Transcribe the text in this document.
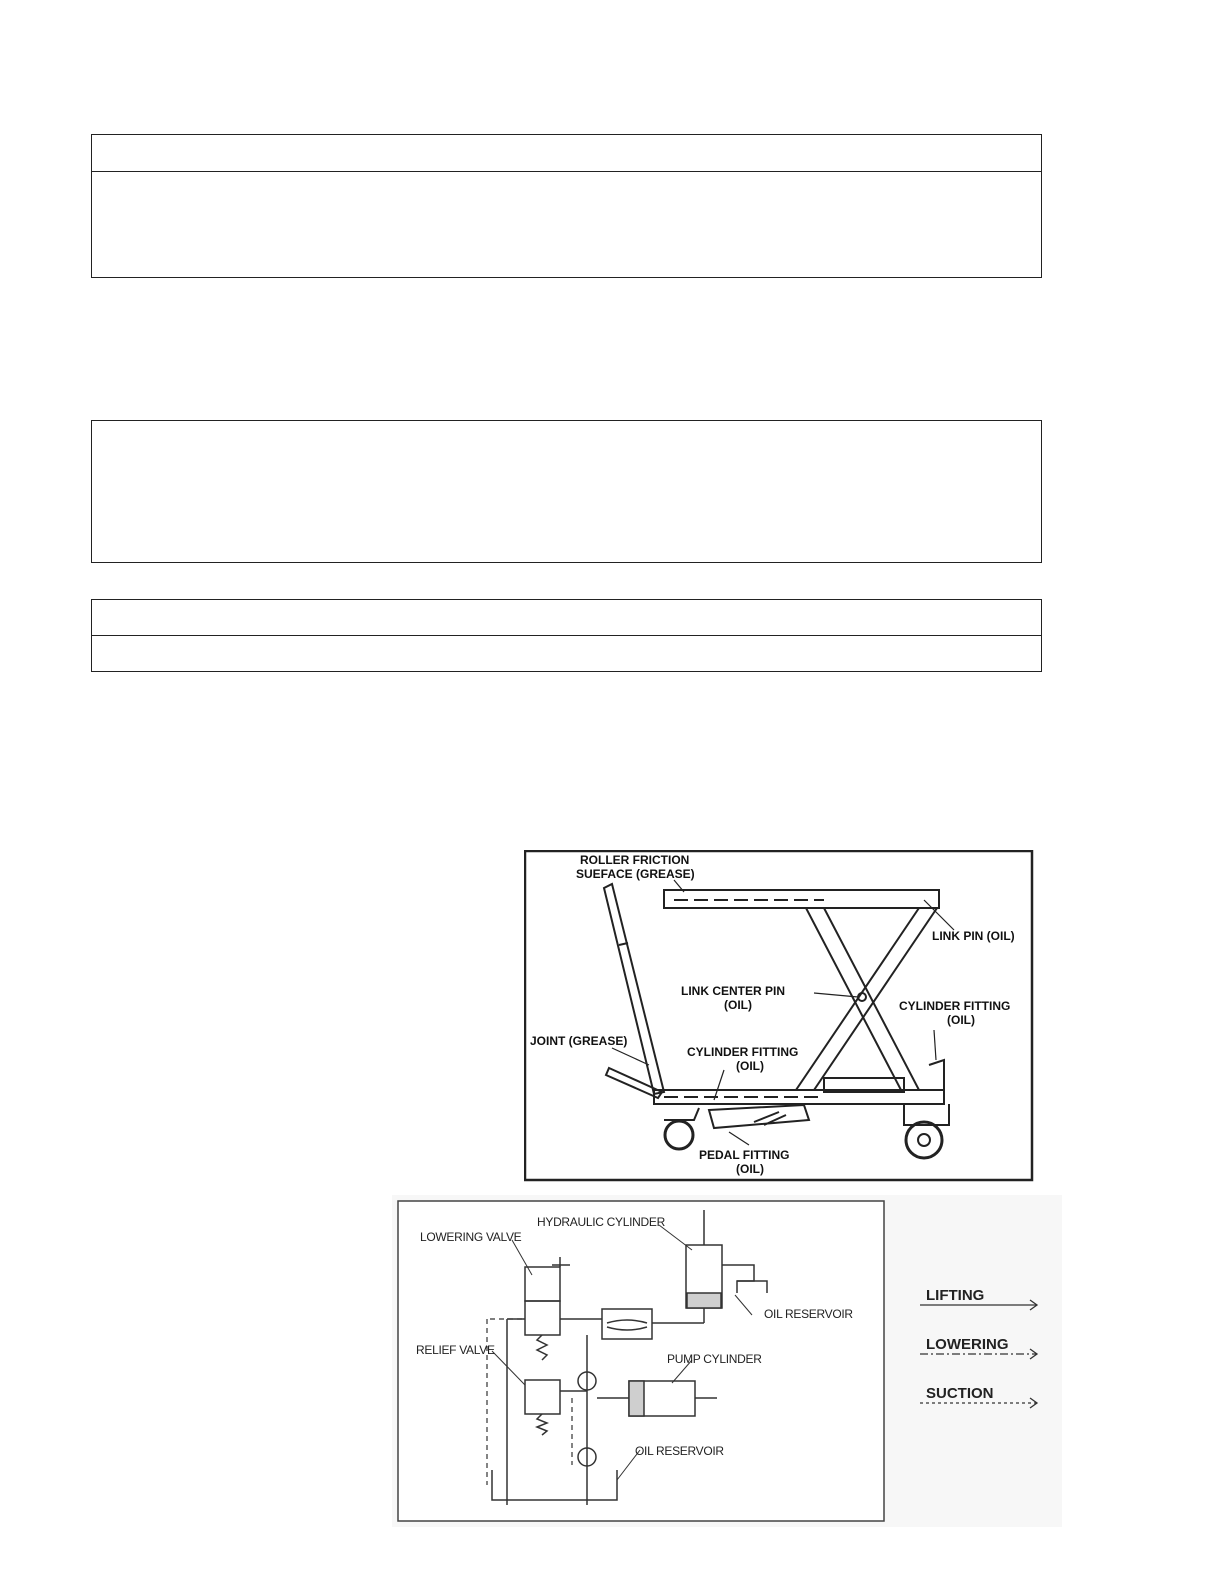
ROLLER FRICTION
SUEFACE (GREASE)
LINK PIN (OIL)
LINK CENTER PIN
(OIL)	CYLINDER FITTING
(OIL)
JOINT (GREASE)
CYLINDER FITTING
(OIL)
PEDAL FITTING
(OIL)
HYDRAULIC CYLINDER
LOWERING VALVE
OIL RESERVOIR
RELIEF VALVE
PUMP CYLINDER
OIL RESERVOIR
LIFTING
LOWERING
SUCTION
